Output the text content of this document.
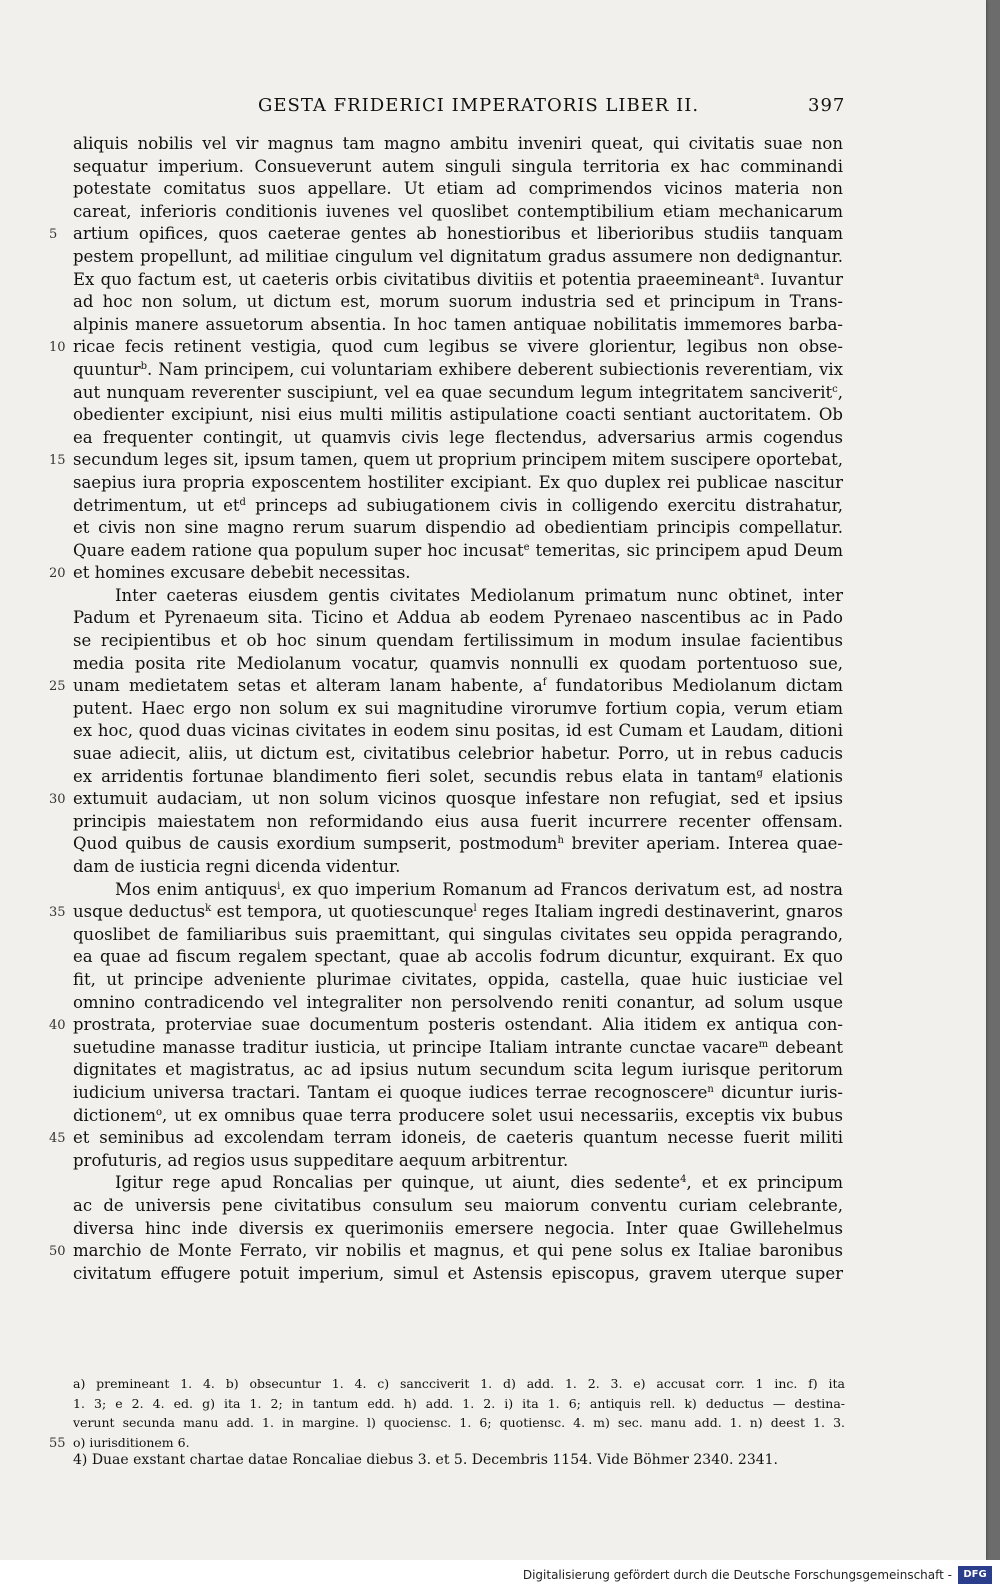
GESTA FRIDERICI IMPERATORIS LIBER II.	397
aliquis nobilis vel vir magnus tam magno ambitu inveniri queat, qui civitatis suae non
sequatur imperium. Consueverunt autem singuli singula territoria ex hac comminandi
potestate comitatus suos appellare. Ut etiam ad comprimendos vicinos materia non
careat, inferioris conditionis iuvenes vel quoslibet contemptibilium etiam mechanicarum
5 artium opifices, quos caeterae gentes ab honestioribus et liberioribus studiis tanquam
pestem propellunt, ad militiae cingulum vel dignitatum gradus assumere non dedignantur.
Ex quo factum est, ut caeteris orbis civitatibus divitiis et potentia praeemineant$^a$. Iuvantur
ad hoc non solum, ut dictum est, morum suorum industria sed et principum in Trans-
alpinis manere assuetorum absentia. In hoc tamen antiquae nobilitatis immemores barba-
10 ricae fecis retinent vestigia, quod cum legibus se vivere glorientur, legibus non obse-
quuntur$^b$. Nam principem, cui voluntariam exhibere deberent subiectionis reverentiam, vix
aut nunquam reverenter suscipiunt, vel ea quae secundum legum integritatem sanciverit$^c$,
obedienter excipiunt, nisi eius multi militis astipulatione coacti sentiant auctoritatem. Ob
ea frequenter contingit, ut quamvis civis lege flectendus, adversarius armis cogendus
15 secundum leges sit, ipsum tamen, quem ut proprium principem mitem suscipere oportebat,
saepius iura propria exposcentem hostiliter excipiant. Ex quo duplex rei publicae nascitur
detrimentum, ut $et^d$ princeps ad subiugationem civis in colligendo exercitu distrahatur,
et civis non sine magno rerum suarum dispendio ad obedientiam principis compellatur.
Quare eadem ratione qua populum super hoc incusat$^e$ temeritas, sic principem apud Deum
20 et homines excusare debebit necessitas.
Inter caeteras eiusdem gentis civitates Mediolanum primatum nunc obtinet, inter
Padum et Pyrenaeum sita. Ticino et Addua ab eodem Pyrenaeo nascentibus ac in Pado
se recipientibus et ob hoc sinum quendam fertilissimum in modum insulae facientibus
media posita rite Mediolanum vocatur, quamvis nonnulli ex quodam portentuoso sue,
25 unam medietatem setas et alteram lanam habente, $a^f$ fundatoribus Mediolanum dictam
putent. Haec ergo non solum ex sui magnitudine virorumve fortium copia, verum etiam
ex hoc, quod duas vicinas civitates in eodem sinu positas, id est Cumam et Laudam, ditioni
suae adiecit, aliis, ut dictum est, civitatibus celebrior habetur. Porro, ut in rebus caducis
ex arridentis fortunae blandimento fieri solet, secundis rebus elata in tantam$^g$ elationis
30 extumuit audaciam, ut non solum vicinos quosque infestare non refugiat, sed et ipsius
principis maiestatem non reformidando eius ausa fuerit incurrere recenter offensam.
Quod quibus de causis exordium sumpserit, postmodum$^h$ breviter aperiam. Interea quae-
dam de iusticia regni dicenda videntur.
Mos enim antiquus$^i$, ex quo imperium Romanum ad Francos derivatum est, ad nostra
35 usque deductus$^k$ est tempora, ut quotiescunque$^l$ reges Italiam ingredi destinaverint, gnaros
quoslibet de familiaribus suis praemittant, qui singulas civitates seu oppida peragrando,
ea quae ad fiscum regalem spectant, quae ab accolis fodrum dicuntur, exquirant. Ex quo
fit, ut principe adveniente plurimae civitates, oppida, castella, quae huic iusticiae vel
omnino contradicendo vel integraliter non persolvendo reniti conantur, ad solum usque
40 prostrata, proterviae suae documentum posteris ostendant. Alia itidem ex antiqua con-
suetudine manasse traditur iusticia, ut principe Italiam intrante cunctae vacare$^m$ debeant
dignitates et magistratus, ac ad ipsius nutum secundum scita legum iurisque peritorum
iudicium universa tractari. Tantam ei quoque iudices terrae recognoscere$^n$ dicuntur iuris-
dictionem$^o$, ut ex omnibus quae terra producere solet usui necessariis, exceptis vix bubus
45 et seminibus ad excolendam terram idoneis, de caeteris quantum necesse fuerit militi
profuturis, ad regios usus suppeditare aequum arbitrentur.
Igitur rege apud Roncalias per quinque, ut aiunt, dies sedente$^4$, et ex principum
ac de universis pene civitatibus consulum seu maiorum conventu curiam celebrante,
diversa hinc inde diversis ex querimoniis emersere negocia. Inter quae Gwillehelmus
50 marchio de Monte Ferrato, vir nobilis et magnus, et qui pene solus ex Italiae baronibus
civitatum effugere potuit imperium, simul et Astensis episcopus, gravem uterque super
a) premineant 1. 4. b) obsecuntur 1. 4. c) sancciverit 1. d) add. 1. 2. 3. e) accusat corr. 1 inc. f) ita
1. 3; e 2. 4. ed. g) ita 1. 2; in tantum edd. h) add. 1. 2. i) ita 1. 6; antiquis rell. k) deductus — destina-
verunt secunda manu add. 1. in margine. l) quociensc. 1. 6; quotiensc. 4. m) sec. manu add. 1. n) deest 1. 3.
55 o) iurisditionem 6.
4) Duae exstant chartae datae Roncaliae diebus 3. et 5. Decembris 1154. Vide Böhmer 2340. 2341.
Digitalisierung gefördert durch die Deutsche Forschungsgemeinschaft -	DFG
